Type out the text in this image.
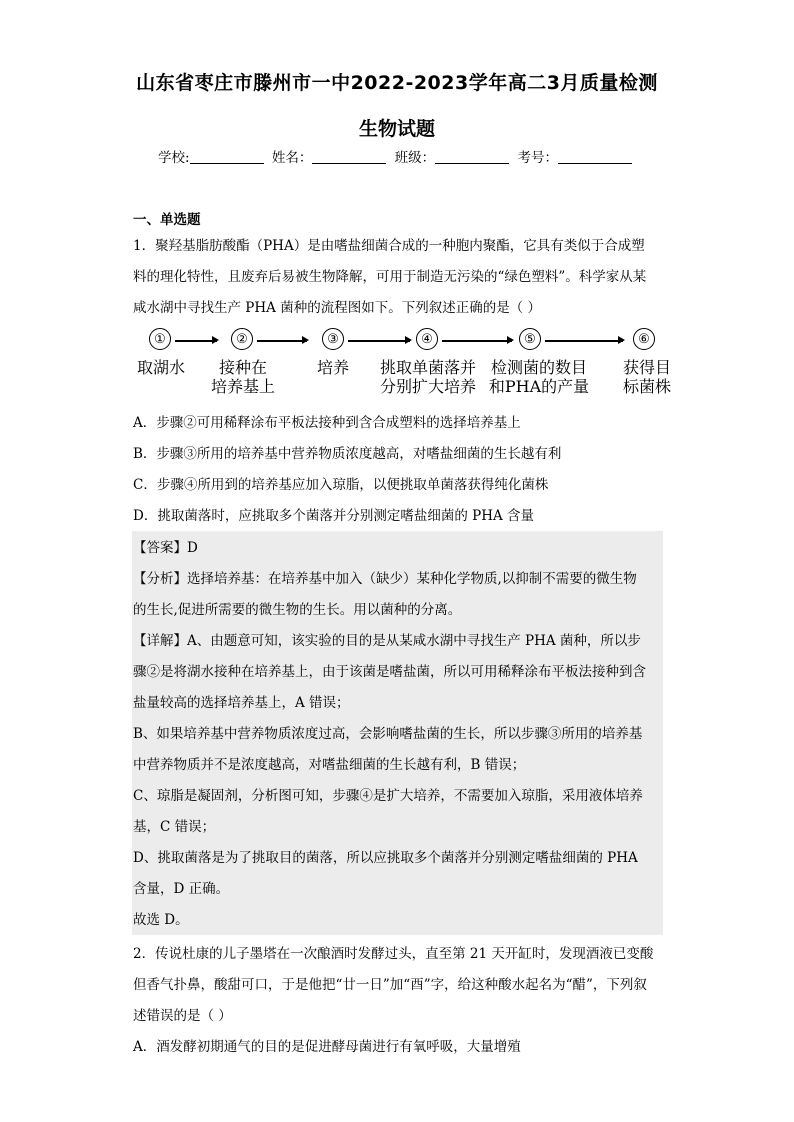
山东省枣庄市滕州市一中2022-2023学年高二3月质量检测
生物试题
学校:	姓名：	班级：	考号：
一、单选题
1．聚羟基脂肪酸酯（PHA）是由嗜盐细菌合成的一种胞内聚酯，它具有类似于合成塑
料的理化特性，且废弃后易被生物降解，可用于制造无污染的“绿色塑料”。科学家从某
咸水湖中寻找生产 PHA 菌种的流程图如下。下列叙述正确的是（ ）
①	②	③	④	⑤	⑥
取湖水	接种在
培养基上
培养	挑取单菌落并
分别扩大培养
检测菌的数目
和PHA的产量
获得目
标菌株
A．步骤②可用稀释涂布平板法接种到含合成塑料的选择培养基上
B．步骤③所用的培养基中营养物质浓度越高，对嗜盐细菌的生长越有利
C．步骤④所用到的培养基应加入琼脂，以便挑取单菌落获得纯化菌株
D．挑取菌落时，应挑取多个菌落并分别测定嗜盐细菌的 PHA 含量
【答案】D
【分析】选择培养基：在培养基中加入（缺少）某种化学物质,以抑制不需要的微生物
的生长,促进所需要的微生物的生长。用以菌种的分离。
【详解】A、由题意可知，该实验的目的是从某咸水湖中寻找生产 PHA 菌种，所以步
骤②是将湖水接种在培养基上，由于该菌是嗜盐菌，所以可用稀释涂布平板法接种到含
盐量较高的选择培养基上，A 错误；
B、如果培养基中营养物质浓度过高，会影响嗜盐菌的生长，所以步骤③所用的培养基
中营养物质并不是浓度越高，对嗜盐细菌的生长越有利，B 错误；
C、琼脂是凝固剂，分析图可知，步骤④是扩大培养，不需要加入琼脂，采用液体培养
基，C 错误；
D、挑取菌落是为了挑取目的菌落，所以应挑取多个菌落并分别测定嗜盐细菌的 PHA
含量，D 正确。
故选 D。
2．传说杜康的儿子墨塔在一次酿酒时发酵过头，直至第 21 天开缸时，发现酒液已变酸
但香气扑鼻，酸甜可口，于是他把“廿一日”加“酉”字，给这种酸水起名为“醋”，下列叙
述错误的是（ ）
A．酒发酵初期通气的目的是促进酵母菌进行有氧呼吸，大量增殖
